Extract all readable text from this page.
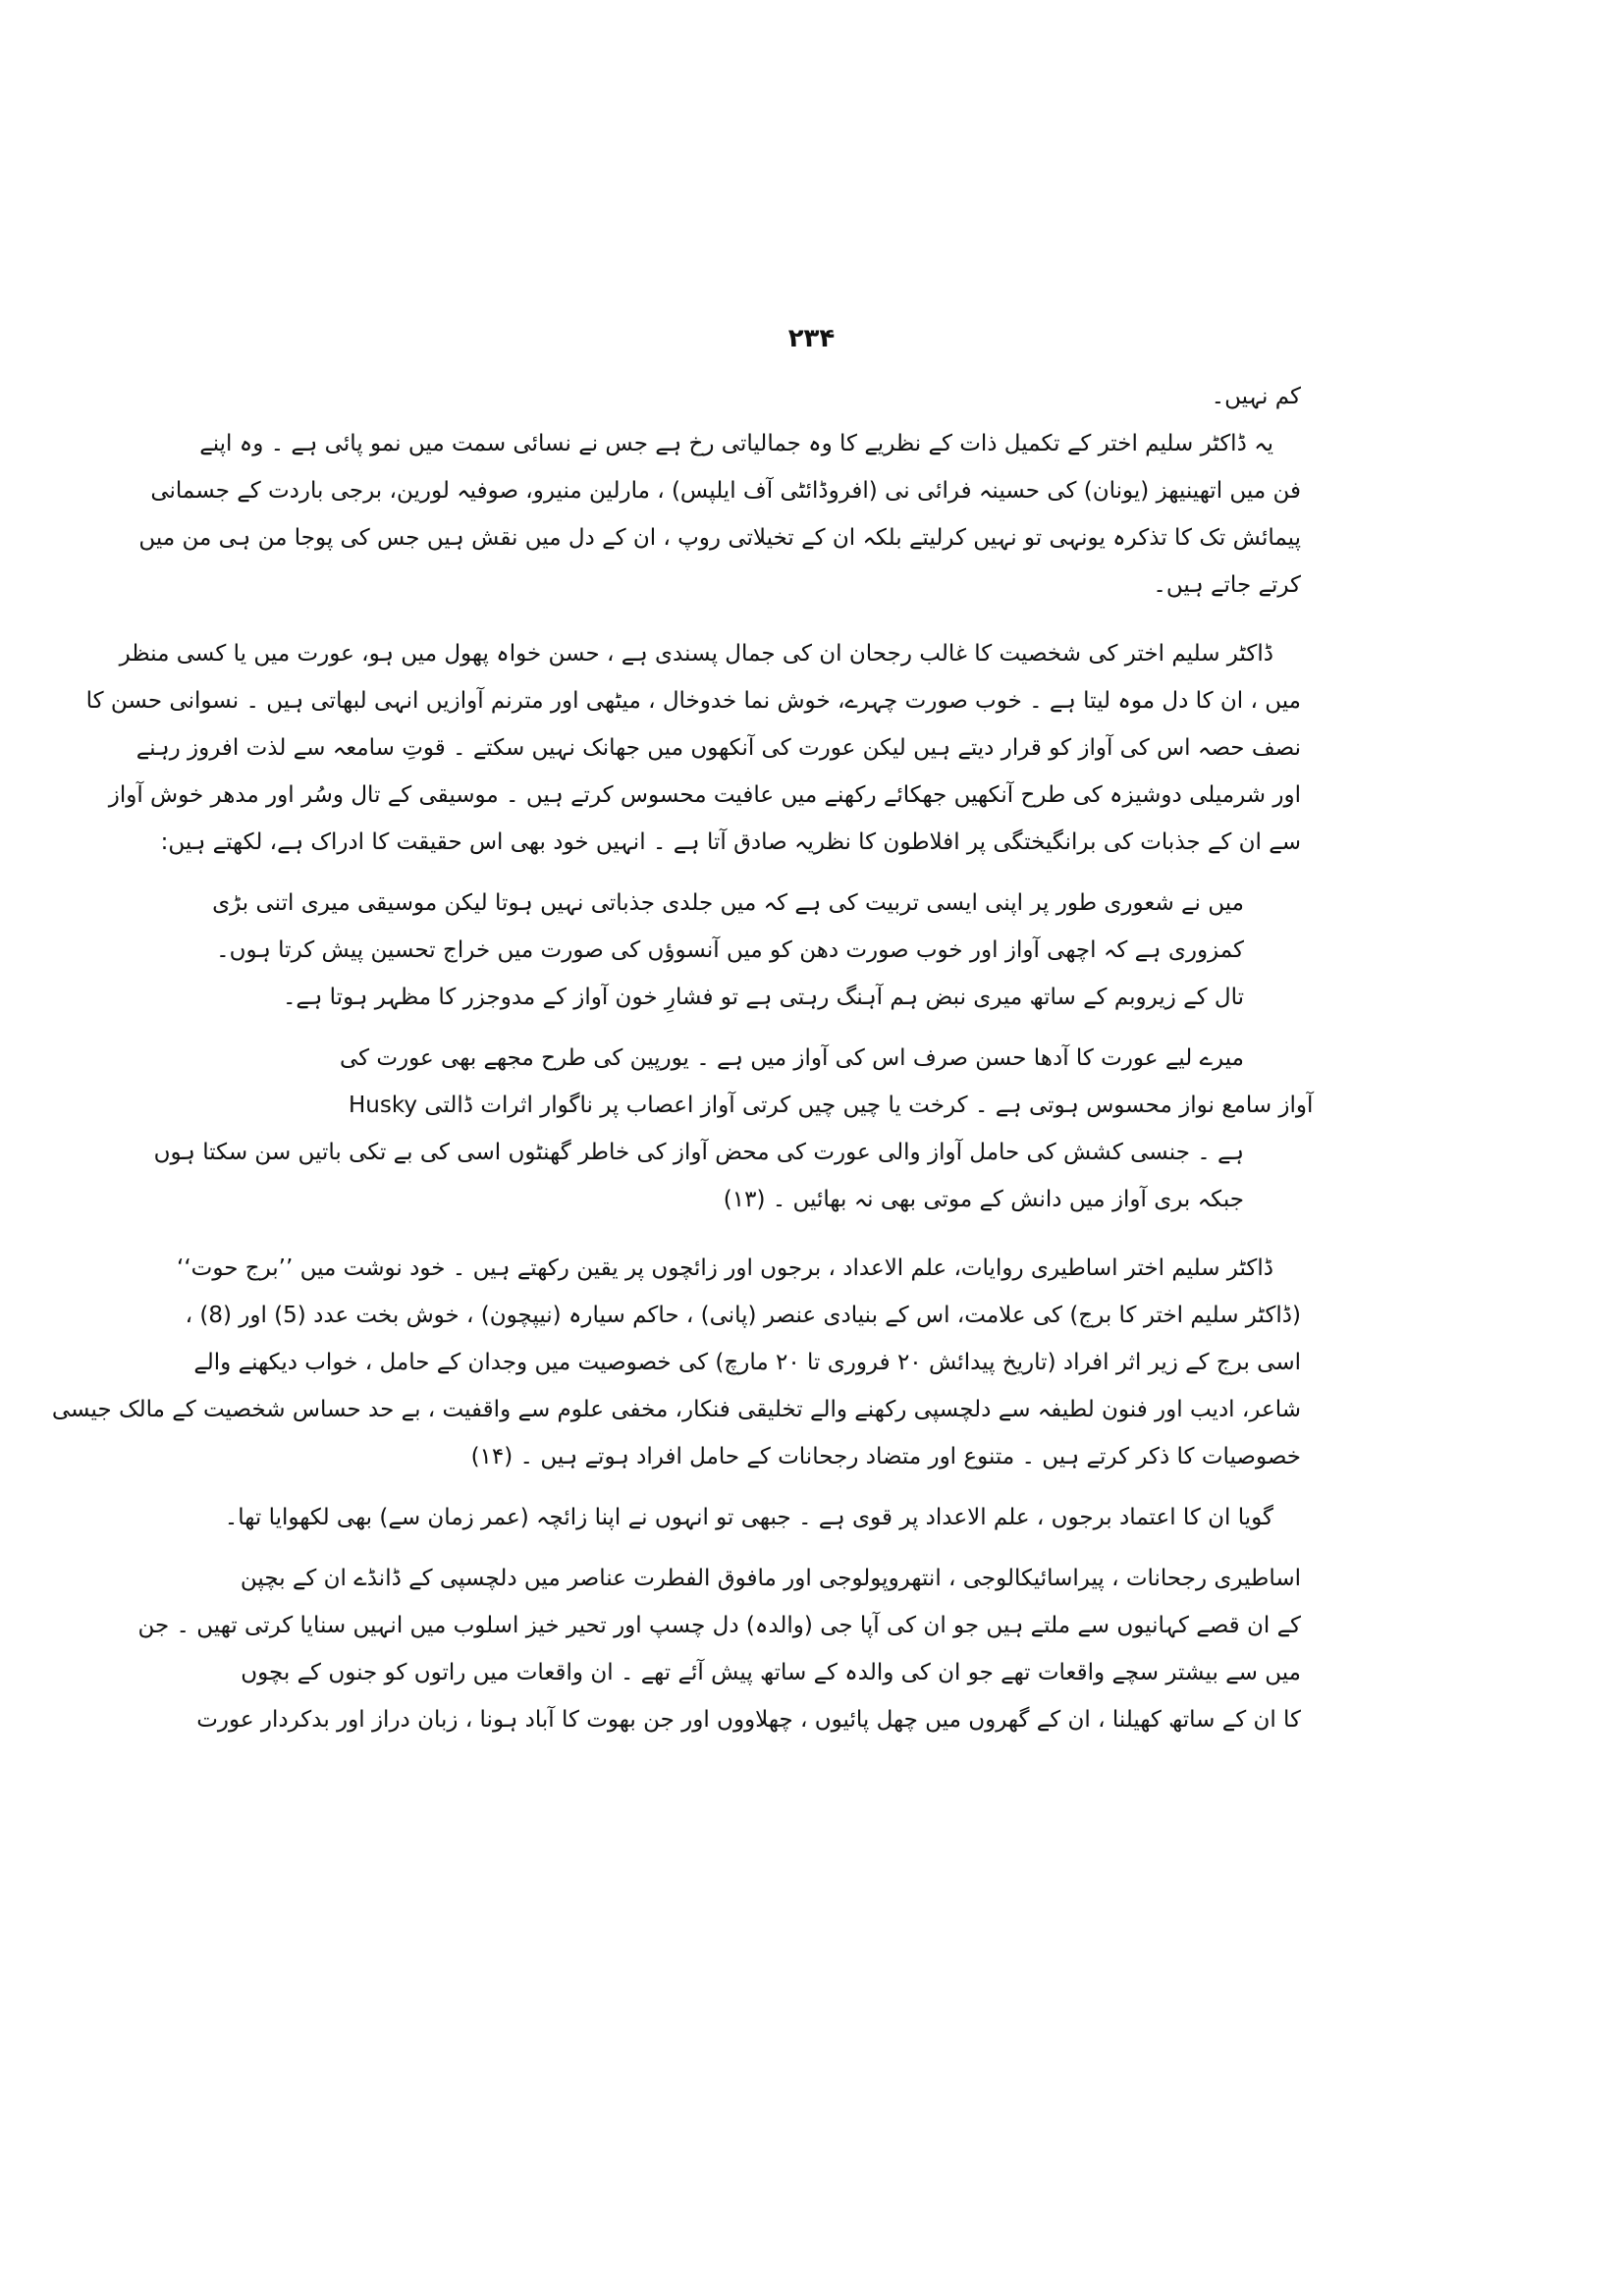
۲۳۴
کم نہیں۔
یہ ڈاکٹر سلیم اختر کے تکمیل ذات کے نظریے کا وہ جمالیاتی رخ ہے جس نے نسائی سمت میں نمو پائی ہے ۔ وہ اپنے
فن میں اتھینیھز (یونان) کی حسینہ فرائی نی (افروڈائٹی آف ایلپس) ، مارلین منیرو، صوفیہ لورین، برجی باردت کے جسمانی
پیمائش تک کا تذکرہ یونہی تو نہیں کرلیتے بلکہ ان کے تخیلاتی روپ ، ان کے دل میں نقش ہیں جس کی پوجا من ہی من میں
کرتے جاتے ہیں۔
ڈاکٹر سلیم اختر کی شخصیت کا غالب رجحان ان کی جمال پسندی ہے ، حسن خواہ پھول میں ہو، عورت میں یا کسی منظر
میں ، ان کا دل موہ لیتا ہے ۔ خوب صورت چہرے، خوش نما خدوخال ، میٹھی اور مترنم آوازیں انہی لبھاتی ہیں ۔ نسوانی حسن کا
نصف حصہ اس کی آواز کو قرار دیتے ہیں لیکن عورت کی آنکھوں میں جھانک نہیں سکتے ۔ قوتِ سامعہ سے لذت افروز رہنے
اور شرمیلی دوشیزہ کی طرح آنکھیں جھکائے رکھنے میں عافیت محسوس کرتے ہیں ۔ موسیقی کے تال وسُر اور مدھر خوش آواز
سے ان کے جذبات کی برانگیختگی پر افلاطون کا نظریہ صادق آتا ہے ۔ انہیں خود بھی اس حقیقت کا ادراک ہے، لکھتے ہیں:
میں نے شعوری طور پر اپنی ایسی تربیت کی ہے کہ میں جلدی جذباتی نہیں ہوتا لیکن موسیقی میری اتنی بڑی
کمزوری ہے کہ اچھی آواز اور خوب صورت دھن کو میں آنسوؤں کی صورت میں خراج تحسین پیش کرتا ہوں۔
تال کے زیروبم کے ساتھ میری نبض ہم آہنگ رہتی ہے تو فشارِ خون آواز کے مدوجزر کا مظہر ہوتا ہے۔
میرے لیے عورت کا آدھا حسن صرف اس کی آواز میں ہے ۔ یورپین کی طرح مجھے بھی عورت کی
Husky آواز سامع نواز محسوس ہوتی ہے ۔ کرخت یا چیں چیں کرتی آواز اعصاب پر ناگوار اثرات ڈالتی
ہے ۔ جنسی کشش کی حامل آواز والی عورت کی محض آواز کی خاطر گھنٹوں اسی کی بے تکی باتیں سن سکتا ہوں
جبکہ بری آواز میں دانش کے موتی بھی نہ بھائیں ۔ (۱۳)
ڈاکٹر سلیم اختر اساطیری روایات، علم الاعداد ، برجوں اور زائچوں پر یقین رکھتے ہیں ۔ خود نوشت میں ’’برج حوت‘‘
(ڈاکٹر سلیم اختر کا برج) کی علامت، اس کے بنیادی عنصر (پانی) ، حاکم سیارہ (نیپچون) ، خوش بخت عدد (5) اور (8) ،
اسی برج کے زیر اثر افراد (تاریخ پیدائش ۲۰ فروری تا ۲۰ مارچ) کی خصوصیت میں وجدان کے حامل ، خواب دیکھنے والے
شاعر، ادیب اور فنون لطیفہ سے دلچسپی رکھنے والے تخلیقی فنکار، مخفی علوم سے واقفیت ، بے حد حساس شخصیت کے مالک جیسی
خصوصیات کا ذکر کرتے ہیں ۔ متنوع اور متضاد رجحانات کے حامل افراد ہوتے ہیں ۔ (۱۴)
گویا ان کا اعتماد برجوں ، علم الاعداد پر قوی ہے ۔ جبھی تو انہوں نے اپنا زائچہ (عمر زمان سے) بھی لکھوایا تھا۔
اساطیری رجحانات ، پیراسائیکالوجی ، انتھروپولوجی اور مافوق الفطرت عناصر میں دلچسپی کے ڈانڈے ان کے بچپن
کے ان قصے کہانیوں سے ملتے ہیں جو ان کی آپا جی (والدہ) دل چسپ اور تحیر خیز اسلوب میں انہیں سنایا کرتی تھیں ۔ جن
میں سے بیشتر سچے واقعات تھے جو ان کی والدہ کے ساتھ پیش آئے تھے ۔ ان واقعات میں راتوں کو جنوں کے بچوں
کا ان کے ساتھ کھیلنا ، ان کے گھروں میں چھل پائیوں ، چھلاووں اور جن بھوت کا آباد ہونا ، زبان دراز اور بدکردار عورت
